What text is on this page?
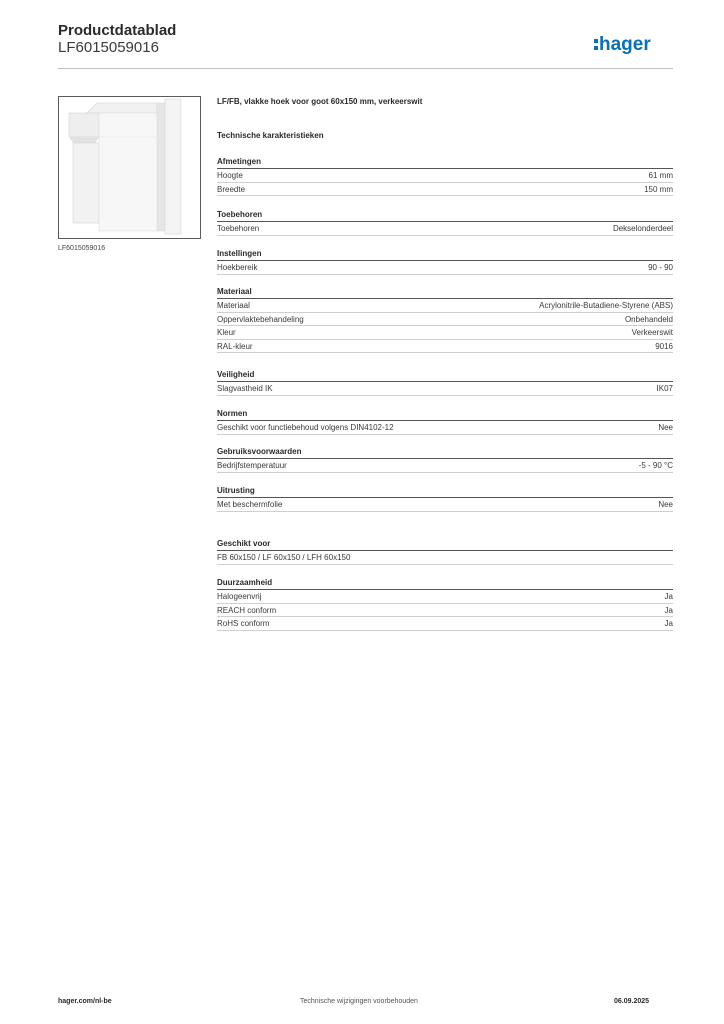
Productdatablad
LF6015059016	hager
LF6015059016
LF/FB, vlakke hoek voor goot 60x150 mm, verkeerswit
Technische karakteristieken
Afmetingen
Hoogte	61 mm
Breedte	150 mm
Toebehoren
Toebehoren	Dekselonderdeel
Instellingen
Hoekbereik	90 - 90
Materiaal
Materiaal	Acrylonitrile-Butadiene-Styrene (ABS)
Oppervlaktebehandeling	Onbehandeld
Kleur	Verkeerswit
RAL-kleur	9016
Veiligheid
Slagvastheid IK	IK07
Normen
Geschikt voor functiebehoud volgens DIN4102-12	Nee
Gebruiksvoorwaarden
Bedrijfstemperatuur	-5 - 90 °C
Uitrusting
Met beschermfolie	Nee
Geschikt voor
FB 60x150 / LF 60x150 / LFH 60x150
Duurzaamheid
Halogeenvrij	Ja
REACH conform	Ja
RoHS conform	Ja
hager.com/nl-be	Technische wijzigingen voorbehouden	06.09.2025
